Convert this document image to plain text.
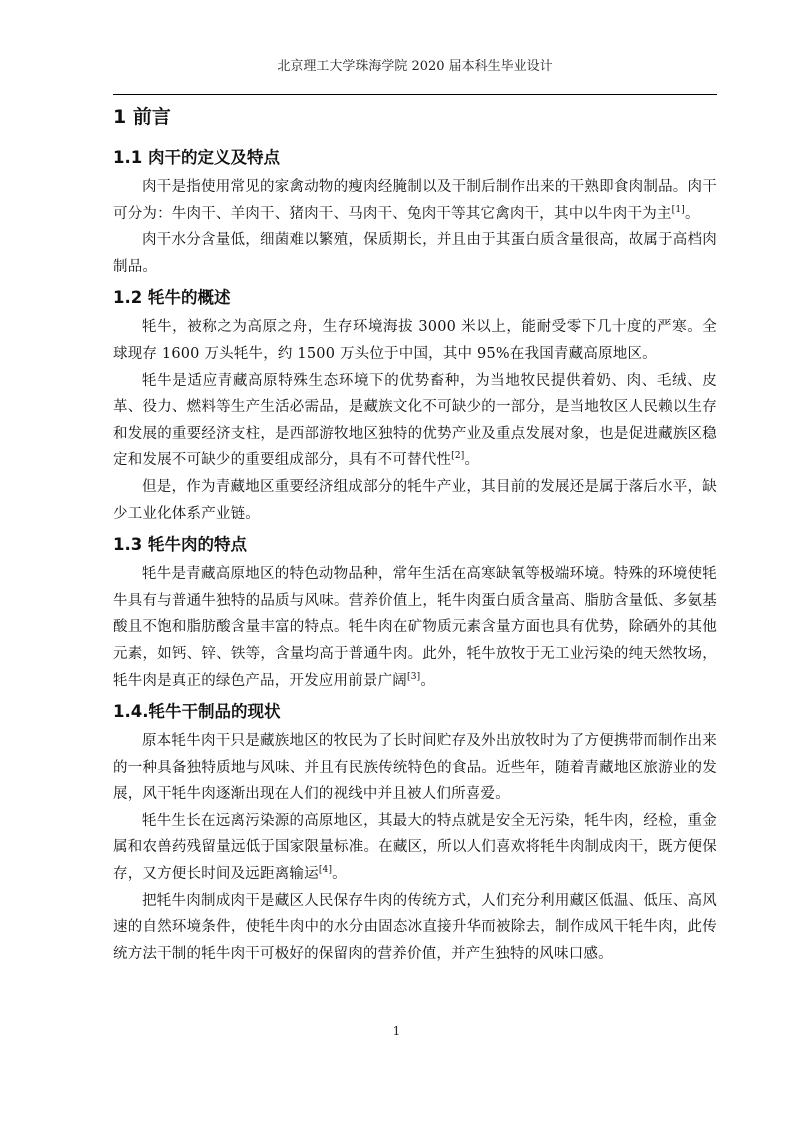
北京理工大学珠海学院 2020 届本科生毕业设计
1 前言
1.1 肉干的定义及特点

肉干是指使用常见的家禽动物的瘦肉经腌制以及干制后制作出来的干熟即食肉制品。肉干可分为：牛肉干、羊肉干、猪肉干、马肉干、兔肉干等其它禽肉干，其中以牛肉干为主[1]。

肉干水分含量低，细菌难以繁殖，保质期长，并且由于其蛋白质含量很高，故属于高档肉制品。

1.2 牦牛的概述

牦牛，被称之为高原之舟，生存环境海拔 3000 米以上，能耐受零下几十度的严寒。全球现存 1600 万头牦牛，约 1500 万头位于中国，其中 95%在我国青藏高原地区。

牦牛是适应青藏高原特殊生态环境下的优势畜种，为当地牧民提供着奶、肉、毛绒、皮革、役力、燃料等生产生活必需品，是藏族文化不可缺少的一部分，是当地牧区人民赖以生存和发展的重要经济支柱，是西部游牧地区独特的优势产业及重点发展对象，也是促进藏族区稳定和发展不可缺少的重要组成部分，具有不可替代性[2]。

但是，作为青藏地区重要经济组成部分的牦牛产业，其目前的发展还是属于落后水平，缺少工业化体系产业链。

1.3 牦牛肉的特点

牦牛是青藏高原地区的特色动物品种，常年生活在高寒缺氧等极端环境。特殊的环境使牦牛具有与普通牛独特的品质与风味。营养价值上，牦牛肉蛋白质含量高、脂肪含量低、多氨基酸且不饱和脂肪酸含量丰富的特点。牦牛肉在矿物质元素含量方面也具有优势，除硒外的其他元素，如钙、锌、铁等，含量均高于普通牛肉。此外，牦牛放牧于无工业污染的纯天然牧场，牦牛肉是真正的绿色产品，开发应用前景广阔[3]。

1.4.牦牛干制品的现状

原本牦牛肉干只是藏族地区的牧民为了长时间贮存及外出放牧时为了方便携带而制作出来的一种具备独特质地与风味、并且有民族传统特色的食品。近些年，随着青藏地区旅游业的发展，风干牦牛肉逐渐出现在人们的视线中并且被人们所喜爱。

牦牛生长在远离污染源的高原地区，其最大的特点就是安全无污染，牦牛肉，经检，重金属和农兽药残留量远低于国家限量标准。在藏区，所以人们喜欢将牦牛肉制成肉干，既方便保存，又方便长时间及远距离输运[4]。

把牦牛肉制成肉干是藏区人民保存牛肉的传统方式，人们充分利用藏区低温、低压、高风速的自然环境条件，使牦牛肉中的水分由固态冰直接升华而被除去，制作成风干牦牛肉，此传统方法干制的牦牛肉干可极好的保留肉的营养价值，并产生独特的风味口感。

1
